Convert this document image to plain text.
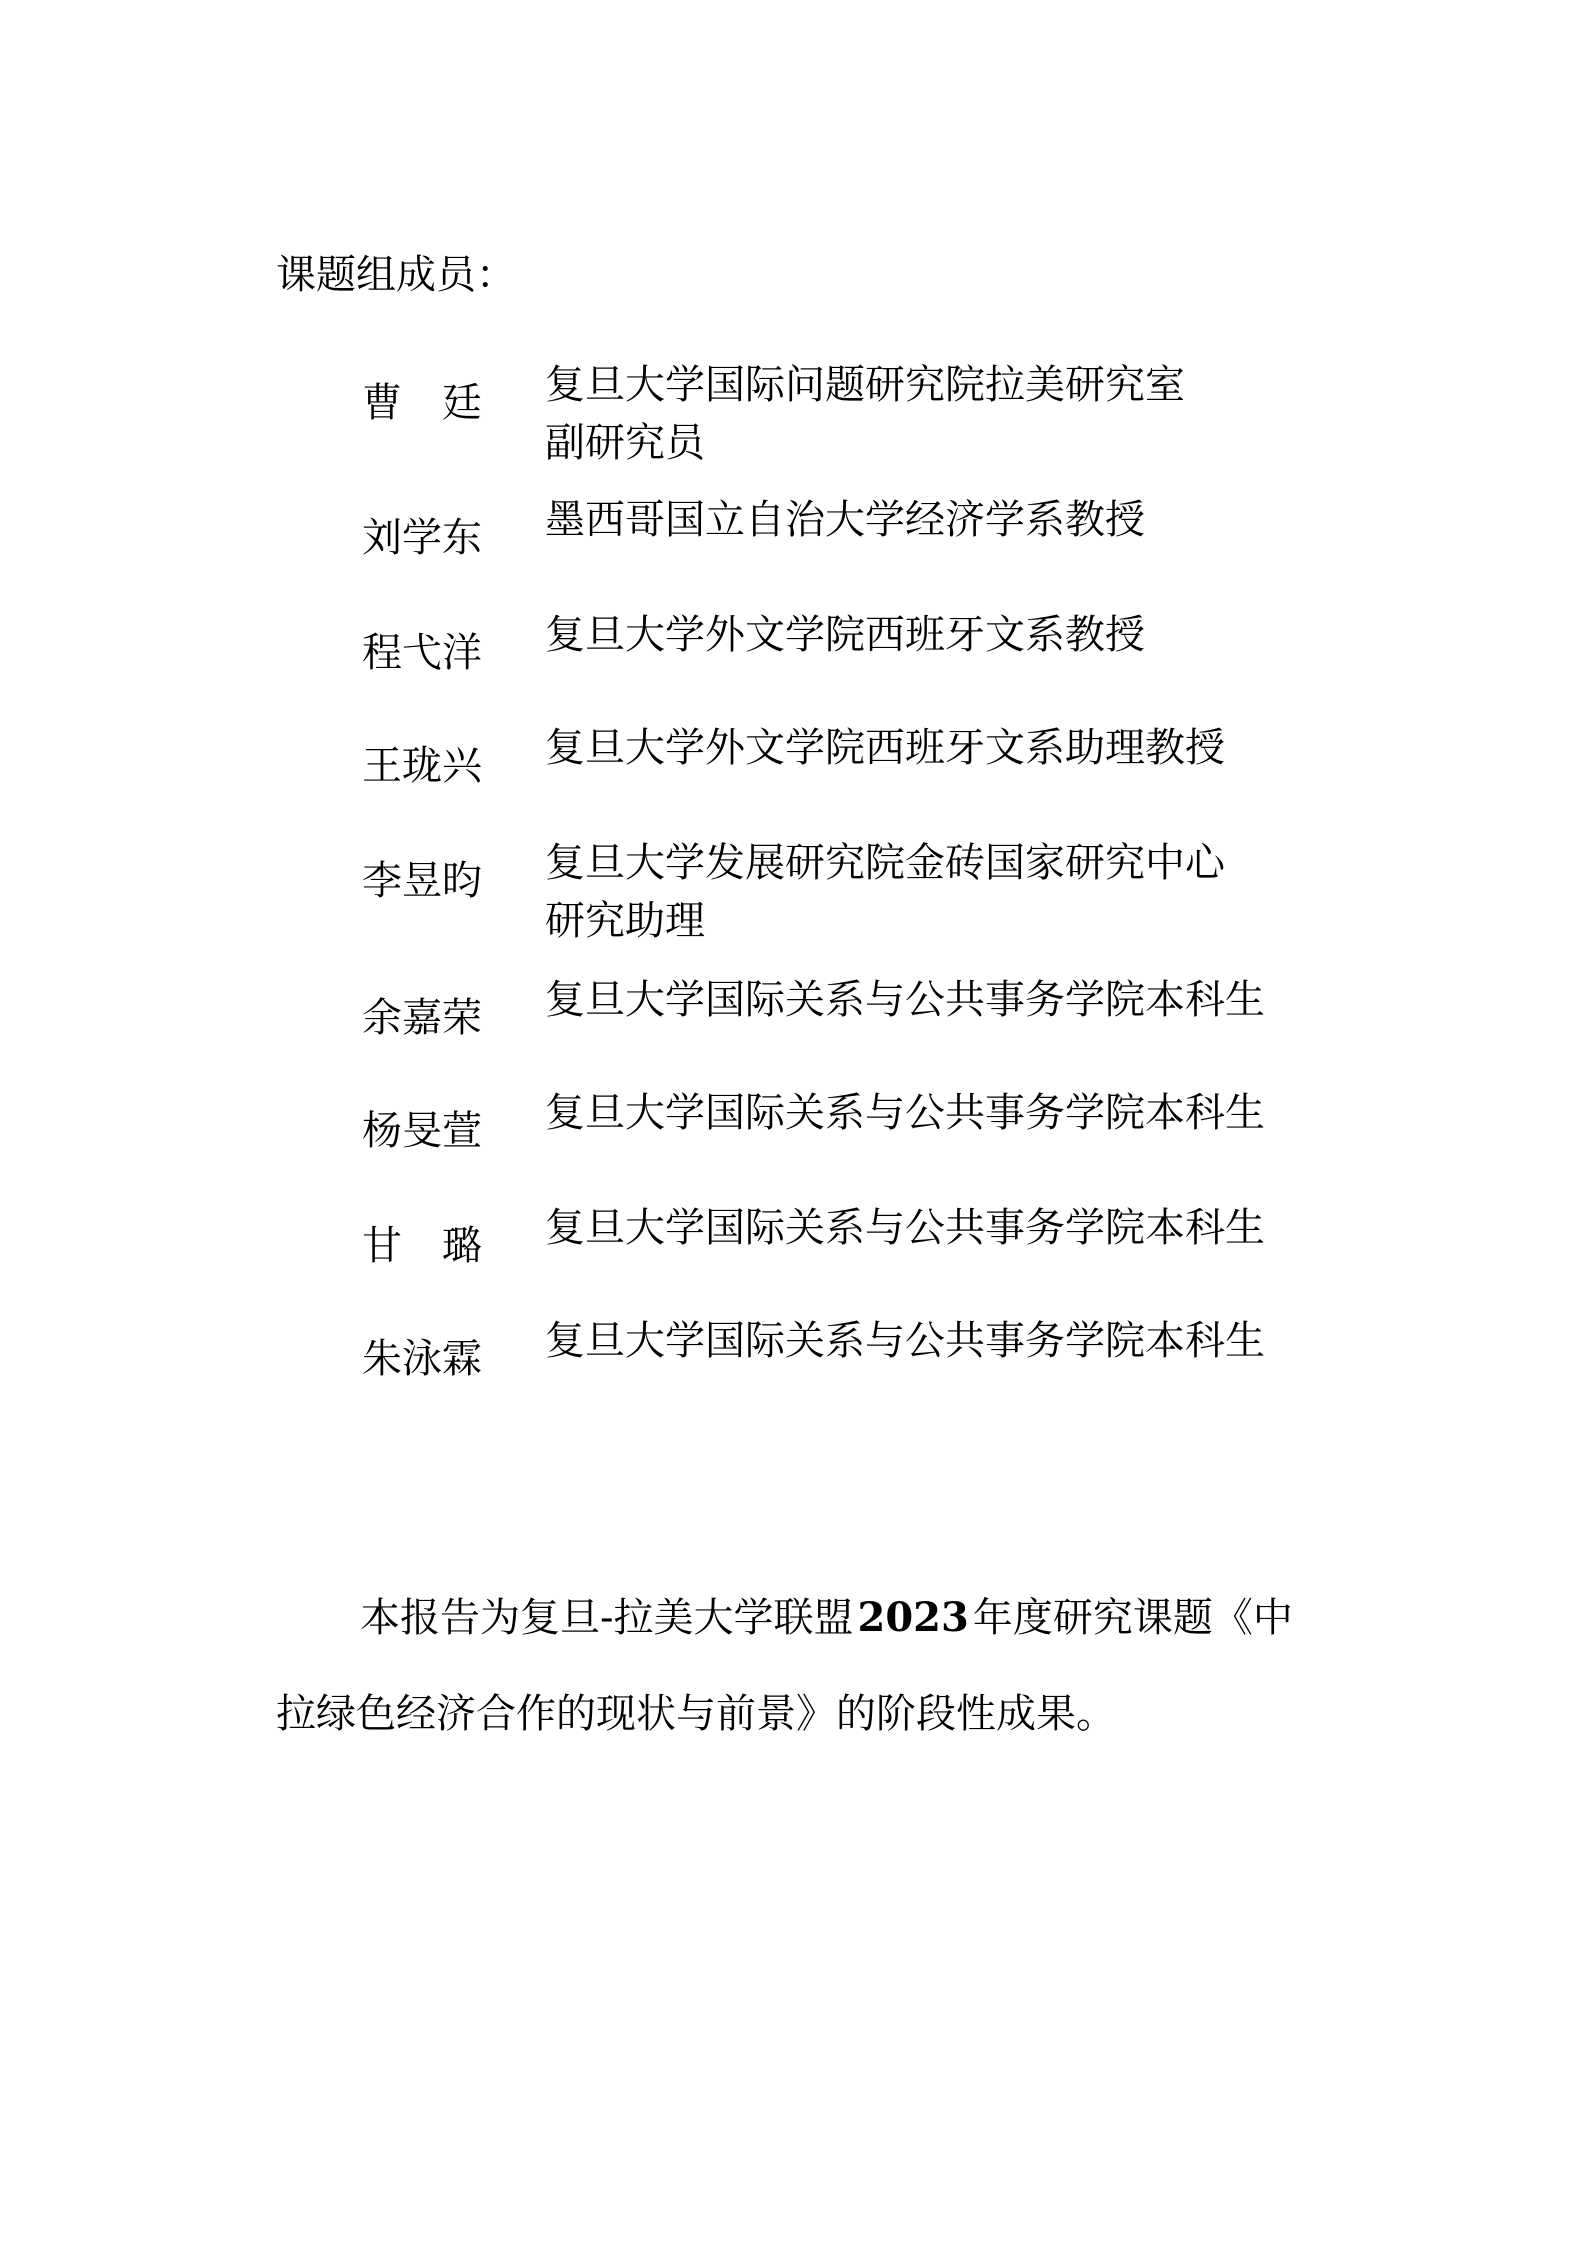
课题组成员：
曹　廷 复旦大学国际问题研究院拉美研究室
副研究员
刘学东 墨西哥国立自治大学经济学系教授
程弋洋 复旦大学外文学院西班牙文系教授
王珑兴 复旦大学外文学院西班牙文系助理教授
李昱昀 复旦大学发展研究院金砖国家研究中心
研究助理
余嘉荣 复旦大学国际关系与公共事务学院本科生
杨旻萱 复旦大学国际关系与公共事务学院本科生
甘　璐 复旦大学国际关系与公共事务学院本科生
朱泳霖 复旦大学国际关系与公共事务学院本科生

本报告为复旦-拉美大学联盟 2023 年度研究课题《中拉绿色经济合作的现状与前景》的阶段性成果。
